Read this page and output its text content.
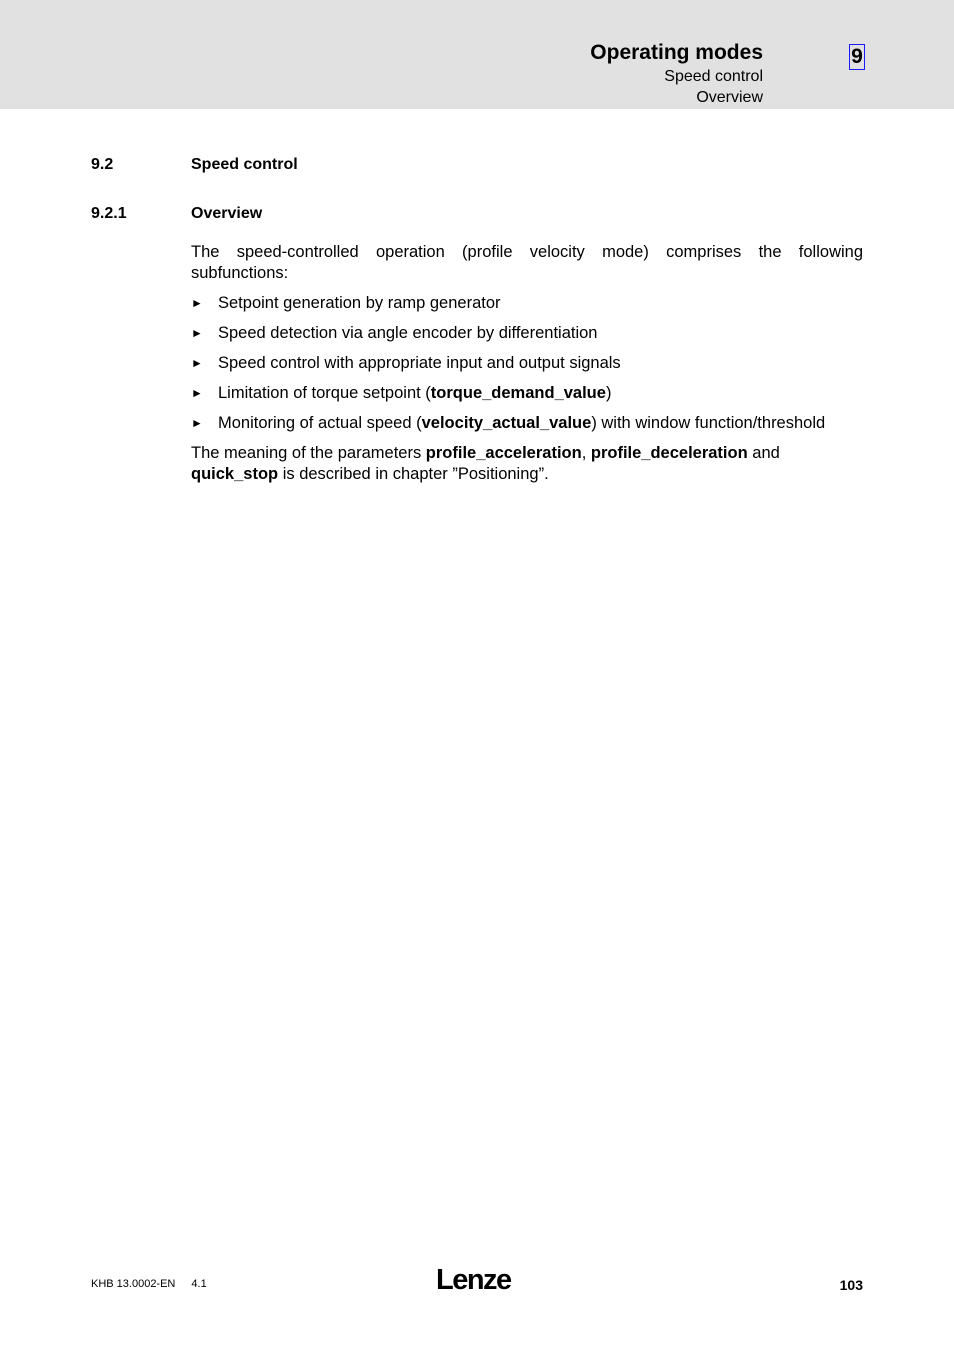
Operating modes
Speed control
Overview
9
9.2	Speed control
9.2.1	Overview

The speed-controlled operation (profile velocity mode) comprises the following subfunctions:

► Setpoint generation by ramp generator
► Speed detection via angle encoder by differentiation
► Speed control with appropriate input and output signals
► Limitation of torque setpoint (torque_demand_value)
► Monitoring of actual speed (velocity_actual_value) with window function/threshold

The meaning of the parameters profile_acceleration, profile_deceleration and quick_stop is described in chapter ”Positioning”.

KHB 13.0002-EN 4.1	Lenze	103
